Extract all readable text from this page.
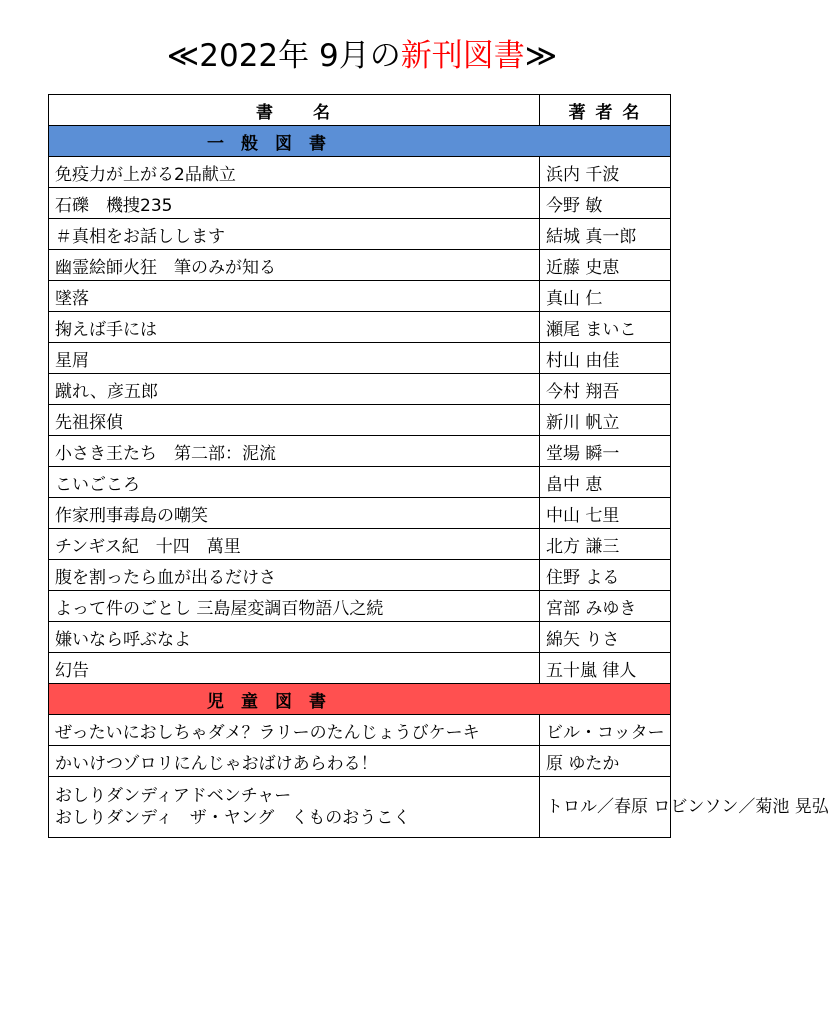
≪2022年 9月の新刊図書≫
書　　名	著 者 名
一　般　図　書	
免疫力が上がる2品献立	浜内 千波
石礫　機捜235	今野 敏
＃真相をお話しします	結城 真一郎
幽霊絵師火狂　筆のみが知る	近藤 史恵
墜落	真山 仁
掬えば手には	瀬尾 まいこ
星屑	村山 由佳
蹴れ、彦五郎	今村 翔吾
先祖探偵	新川 帆立
小さき王たち　第二部：泥流	堂場 瞬一
こいごころ	畠中 恵
作家刑事毒島の嘲笑	中山 七里
チンギス紀　十四　萬里	北方 謙三
腹を割ったら血が出るだけさ	住野 よる
よって件のごとし 三島屋変調百物語八之続	宮部 みゆき
嫌いなら呼ぶなよ	綿矢 りさ
幻告	五十嵐 律人
児　童　図　書	
ぜったいにおしちゃダメ？ラリーのたんじょうびケーキ	ビル・コッター
かいけつゾロリにんじゃおばけあらわる！	原 ゆたか

おしりダンディアドベンチャー
おしりダンディ　ザ・ヤング　くものおうこく	トロル／春原 ロビンソン／菊池 晃弘
